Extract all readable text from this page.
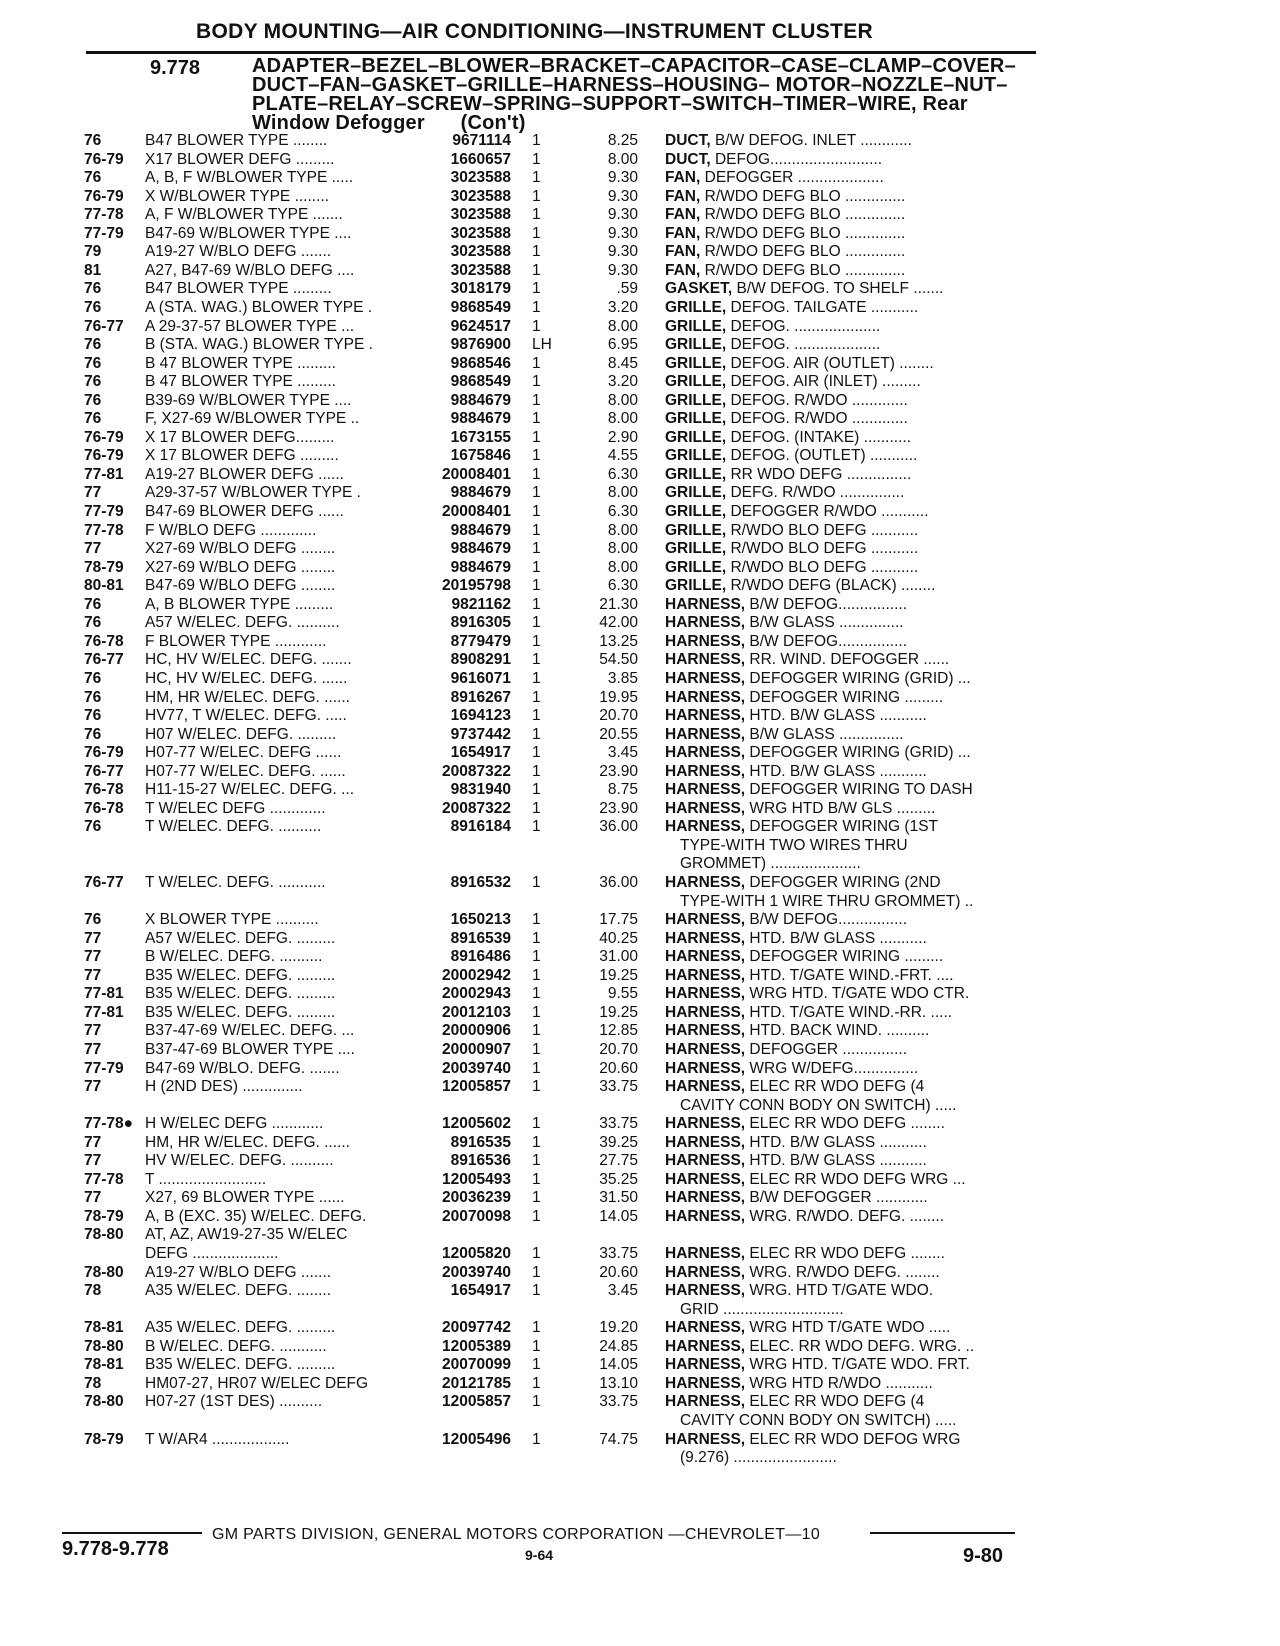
BODY MOUNTING—AIR CONDITIONING—INSTRUMENT CLUSTER
9.778	ADAPTER–BEZEL–BLOWER–BRACKET–CAPACITOR–CASE–CLAMP–COVER–DUCT–FAN–GASKET–GRILLE–HARNESS–HOUSING– MOTOR–NOZZLE–NUT–PLATE–RELAY–SCREW–SPRING–SUPPORT–SWITCH–TIMER–WIRE, Rear Window Defogger (Con't)
76	B47 BLOWER TYPE ........	9671114 1	8.25 DUCT, B/W DEFOG. INLET ............
76-79 X17 BLOWER DEFG .........	1660657 1	8.00 DUCT, DEFOG..........................
76	A, B, F W/BLOWER TYPE .....	3023588 1	9.30 FAN, DEFOGGER ....................
76-79 X W/BLOWER TYPE ........	3023588 1	9.30 FAN, R/WDO DEFG BLO ..............
77-78 A, F W/BLOWER TYPE .......	3023588 1	9.30 FAN, R/WDO DEFG BLO ..............
77-79 B47-69 W/BLOWER TYPE ....	3023588 1	9.30 FAN, R/WDO DEFG BLO ..............
79	A19-27 W/BLO DEFG .......	3023588 1	9.30 FAN, R/WDO DEFG BLO ..............
81	A27, B47-69 W/BLO DEFG ....	3023588 1	9.30 FAN, R/WDO DEFG BLO ..............
76	B47 BLOWER TYPE .........	3018179 1	.59 GASKET, B/W DEFOG. TO SHELF .......
76	A (STA. WAG.) BLOWER TYPE .	9868549 1	3.20 GRILLE, DEFOG. TAILGATE ...........
76-77 A 29-37-57 BLOWER TYPE ...	9624517 1	8.00 GRILLE, DEFOG. ....................
76	B (STA. WAG.) BLOWER TYPE .	9876900 LH	6.95 GRILLE, DEFOG. ....................
76	B 47 BLOWER TYPE .........	9868546 1	8.45 GRILLE, DEFOG. AIR (OUTLET) ........
76	B 47 BLOWER TYPE .........	9868549 1	3.20 GRILLE, DEFOG. AIR (INLET) .........
76	B39-69 W/BLOWER TYPE ....	9884679 1	8.00 GRILLE, DEFOG. R/WDO .............
76	F, X27-69 W/BLOWER TYPE ..	9884679 1	8.00 GRILLE, DEFOG. R/WDO .............
76-79 X 17 BLOWER DEFG.........	1673155 1	2.90 GRILLE, DEFOG. (INTAKE) ...........
76-79 X 17 BLOWER DEFG .........	1675846 1	4.55 GRILLE, DEFOG. (OUTLET) ...........
77-81 A19-27 BLOWER DEFG ......	20008401 1	6.30 GRILLE, RR WDO DEFG ...............
77	A29-37-57 W/BLOWER TYPE .	9884679 1	8.00 GRILLE, DEFG. R/WDO ...............
77-79 B47-69 BLOWER DEFG ......	20008401 1	6.30 GRILLE, DEFOGGER R/WDO ...........
77-78 F W/BLO DEFG .............	9884679 1	8.00 GRILLE, R/WDO BLO DEFG ...........
77	X27-69 W/BLO DEFG ........	9884679 1	8.00 GRILLE, R/WDO BLO DEFG ...........
78-79 X27-69 W/BLO DEFG ........	9884679 1	8.00 GRILLE, R/WDO BLO DEFG ...........
80-81 B47-69 W/BLO DEFG ........	20195798 1	6.30 GRILLE, R/WDO DEFG (BLACK) ........
76	A, B BLOWER TYPE .........	9821162 1	21.30 HARNESS, B/W DEFOG................
76	A57 W/ELEC. DEFG. ..........	8916305 1	42.00 HARNESS, B/W GLASS ...............
76-78 F BLOWER TYPE ............	8779479 1	13.25 HARNESS, B/W DEFOG................
76-77 HC, HV W/ELEC. DEFG. .......	8908291 1	54.50 HARNESS, RR. WIND. DEFOGGER ......
76	HC, HV W/ELEC. DEFG. ......	9616071 1	3.85 HARNESS, DEFOGGER WIRING (GRID) ...
76	HM, HR W/ELEC. DEFG. ......	8916267 1	19.95 HARNESS, DEFOGGER WIRING .........
76	HV77, T W/ELEC. DEFG. .....	1694123 1	20.70 HARNESS, HTD. B/W GLASS ...........
76	H07 W/ELEC. DEFG. .........	9737442 1	20.55 HARNESS, B/W GLASS ...............
76-79 H07-77 W/ELEC. DEFG ......	1654917 1	3.45 HARNESS, DEFOGGER WIRING (GRID) ...
76-77 H07-77 W/ELEC. DEFG. ......	20087322 1	23.90 HARNESS, HTD. B/W GLASS ...........
76-78 H11-15-27 W/ELEC. DEFG. ...	9831940 1	8.75 HARNESS, DEFOGGER WIRING TO DASH
76-78 T W/ELEC DEFG .............	20087322 1	23.90 HARNESS, WRG HTD B/W GLS .........
76	T W/ELEC. DEFG. ..........	8916184 1	36.00 HARNESS, DEFOGGER WIRING (1ST
TYPE-WITH TWO WIRES THRU
GROMMET) .....................
76-77 T W/ELEC. DEFG. ...........	8916532 1	36.00 HARNESS, DEFOGGER WIRING (2ND
TYPE-WITH 1 WIRE THRU GROMMET) ..
76	X BLOWER TYPE ..........	1650213 1	17.75 HARNESS, B/W DEFOG................
77	A57 W/ELEC. DEFG. .........	8916539 1	40.25 HARNESS, HTD. B/W GLASS ...........
77	B W/ELEC. DEFG. ..........	8916486 1	31.00 HARNESS, DEFOGGER WIRING .........
77	B35 W/ELEC. DEFG. .........	20002942 1	19.25 HARNESS, HTD. T/GATE WIND.-FRT. ....
77-81 B35 W/ELEC. DEFG. .........	20002943 1	9.55 HARNESS, WRG HTD. T/GATE WDO CTR.
77-81 B35 W/ELEC. DEFG. .........	20012103 1	19.25 HARNESS, HTD. T/GATE WIND.-RR. .....
77	B37-47-69 W/ELEC. DEFG. ...	20000906 1	12.85 HARNESS, HTD. BACK WIND. ..........
77	B37-47-69 BLOWER TYPE ....	20000907 1	20.70 HARNESS, DEFOGGER ...............
77-79 B47-69 W/BLO. DEFG. .......	20039740 1	20.60 HARNESS, WRG W/DEFG...............
77	H (2ND DES) ..............	12005857 1	33.75 HARNESS, ELEC RR WDO DEFG (4
CAVITY CONN BODY ON SWITCH) .....
77-78● H W/ELEC DEFG ............	12005602 1	33.75 HARNESS, ELEC RR WDO DEFG ........
77	HM, HR W/ELEC. DEFG. ......	8916535 1	39.25 HARNESS, HTD. B/W GLASS ...........
77	HV W/ELEC. DEFG. ..........	8916536 1	27.75 HARNESS, HTD. B/W GLASS ...........
77-78 T .........................	12005493 1	35.25 HARNESS, ELEC RR WDO DEFG WRG ...
77	X27, 69 BLOWER TYPE ......	20036239 1	31.50 HARNESS, B/W DEFOGGER ............
78-79 A, B (EXC. 35) W/ELEC. DEFG.	20070098 1	14.05 HARNESS, WRG. R/WDO. DEFG. ........
78-80 AT, AZ, AW19-27-35 W/ELEC
DEFG ....................	12005820 1	33.75 HARNESS, ELEC RR WDO DEFG ........
78-80 A19-27 W/BLO DEFG .......	20039740 1	20.60 HARNESS, WRG. R/WDO DEFG. ........
78	A35 W/ELEC. DEFG. ........	1654917 1	3.45 HARNESS, WRG. HTD T/GATE WDO.
GRID ............................
78-81 A35 W/ELEC. DEFG. .........	20097742 1	19.20 HARNESS, WRG HTD T/GATE WDO .....
78-80 B W/ELEC. DEFG. ...........	12005389 1	24.85 HARNESS, ELEC. RR WDO DEFG. WRG. ..
78-81 B35 W/ELEC. DEFG. .........	20070099 1	14.05 HARNESS, WRG HTD. T/GATE WDO. FRT.
78	HM07-27, HR07 W/ELEC DEFG	20121785 1	13.10 HARNESS, WRG HTD R/WDO ...........
78-80 H07-27 (1ST DES) ..........	12005857 1	33.75 HARNESS, ELEC RR WDO DEFG (4
CAVITY CONN BODY ON SWITCH) .....
78-79 T W/AR4 ..................	12005496 1	74.75 HARNESS, ELEC RR WDO DEFOG WRG
(9.276) ........................
9.778-9.778
GM PARTS DIVISION, GENERAL MOTORS CORPORATION —CHEVROLET—10
9-64	9-80
